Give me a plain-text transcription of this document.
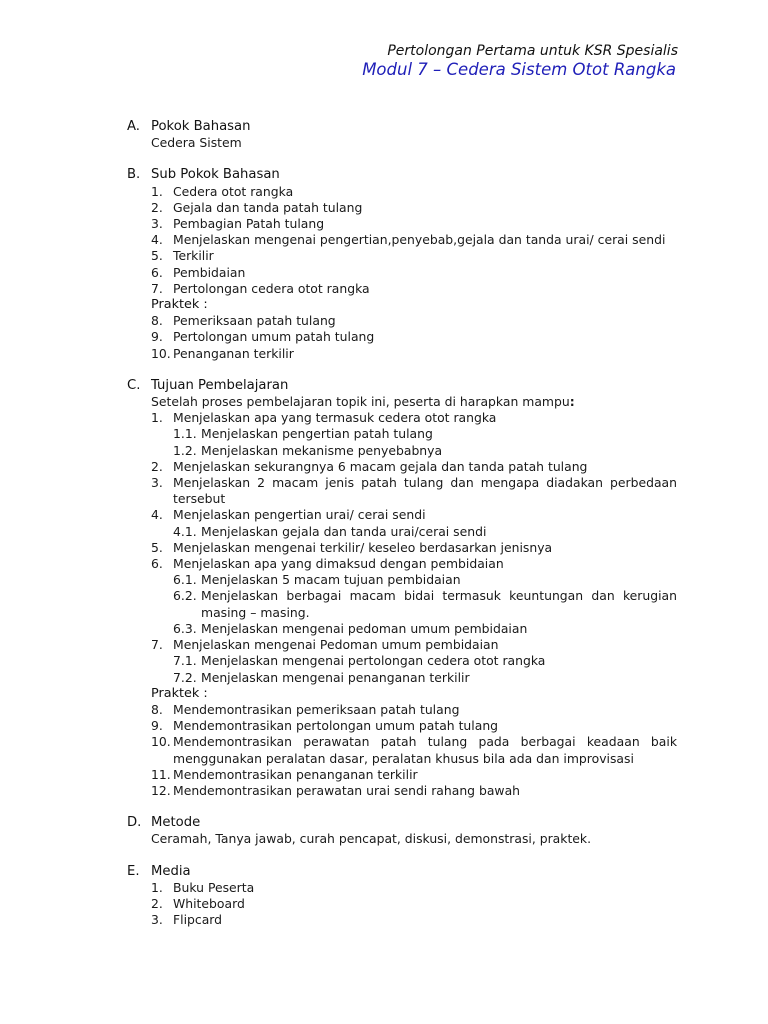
Pertolongan Pertama untuk KSR Spesialis
Modul 7 – Cedera Sistem Otot Rangka
A. Pokok Bahasan
Cedera Sistem
B. Sub Pokok Bahasan
1. Cedera otot rangka
2. Gejala dan tanda patah tulang
3. Pembagian Patah tulang
4. Menjelaskan mengenai pengertian,penyebab,gejala dan tanda urai/ cerai sendi
5. Terkilir
6. Pembidaian
7. Pertolongan cedera otot rangka
Praktek :
8. Pemeriksaan patah tulang
9. Pertolongan umum patah tulang
10. Penanganan terkilir
C. Tujuan Pembelajaran
Setelah proses pembelajaran topik ini, peserta di harapkan mampu:
1. Menjelaskan apa yang termasuk cedera otot rangka
1.1. Menjelaskan pengertian patah tulang
1.2. Menjelaskan mekanisme penyebabnya
2. Menjelaskan sekurangnya 6 macam gejala dan tanda patah tulang
3. Menjelaskan 2 macam jenis patah tulang dan mengapa diadakan perbedaan tersebut
4. Menjelaskan pengertian urai/ cerai sendi
4.1. Menjelaskan gejala dan tanda urai/cerai sendi
5. Menjelaskan mengenai terkilir/ keseleo berdasarkan jenisnya
6. Menjelaskan apa yang dimaksud dengan pembidaian
6.1. Menjelaskan 5 macam tujuan pembidaian
6.2. Menjelaskan berbagai macam bidai termasuk keuntungan dan kerugian masing – masing.
6.3. Menjelaskan mengenai pedoman umum pembidaian
7. Menjelaskan mengenai Pedoman umum pembidaian
7.1. Menjelaskan mengenai pertolongan cedera otot rangka
7.2. Menjelaskan mengenai penanganan terkilir
Praktek :
8. Mendemontrasikan pemeriksaan patah tulang
9. Mendemontrasikan pertolongan umum patah tulang
10. Mendemontrasikan perawatan patah tulang pada berbagai keadaan baik menggunakan peralatan dasar, peralatan khusus bila ada dan improvisasi
11. Mendemontrasikan penanganan terkilir
12. Mendemontrasikan perawatan urai sendi rahang bawah
D. Metode
Ceramah, Tanya jawab, curah pencapat, diskusi, demonstrasi, praktek.
E. Media
1. Buku Peserta
2. Whiteboard
3. Flipcard
